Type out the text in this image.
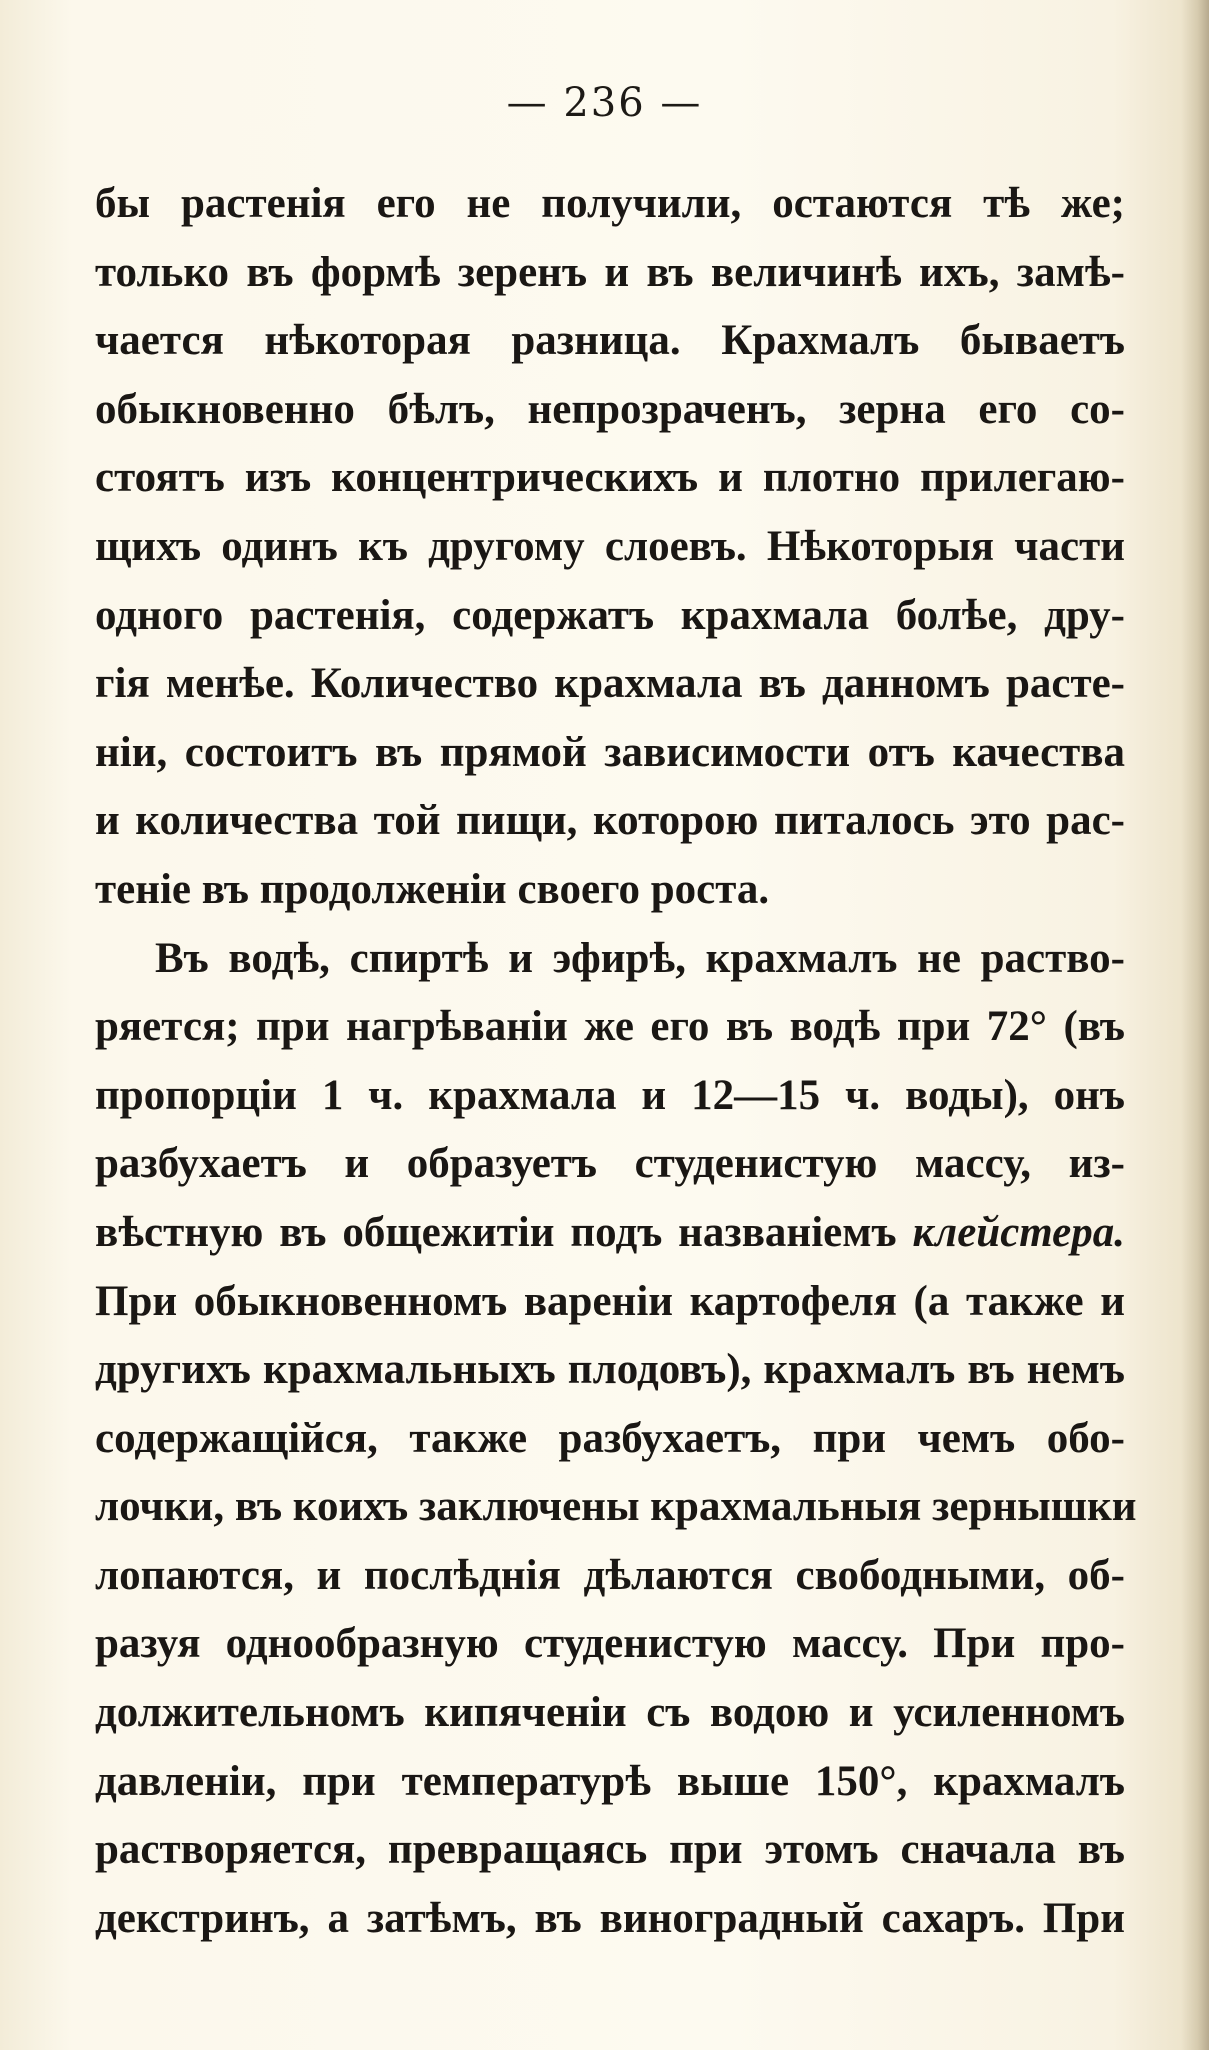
— 236 —
бы растенія его не получили, остаются тѣ же;
только въ формѣ зеренъ и въ величинѣ ихъ, замѣ-
чается нѣкоторая разница. Крахмалъ бываетъ
обыкновенно бѣлъ, непрозраченъ, зерна его со-
стоятъ изъ концентрическихъ и плотно прилегаю-
щихъ одинъ къ другому слоевъ. Нѣкоторыя части
одного растенія, содержатъ крахмала болѣе, дру-
гія менѣе. Количество крахмала въ данномъ расте-
ніи, состоитъ въ прямой зависимости отъ качества
и количества той пищи, которою питалось это рас-
теніе въ продолженіи своего роста.
Въ водѣ, спиртѣ и эфирѣ, крахмалъ не раство-
ряется; при нагрѣваніи же его въ водѣ при 72° (въ
пропорціи 1 ч. крахмала и 12—15 ч. воды), онъ
разбухаетъ и образуетъ студенистую массу, из-
вѣстную въ общежитіи подъ названіемъ клейстера.
При обыкновенномъ вареніи картофеля (а также и
другихъ крахмальныхъ плодовъ), крахмалъ въ немъ
содержащійся, также разбухаетъ, при чемъ обо-
лочки, въ коихъ заключены крахмальныя зернышки
лопаются, и послѣднія дѣлаются свободными, об-
разуя однообразную студенистую массу. При про-
должительномъ кипяченіи съ водою и усиленномъ
давленіи, при температурѣ выше 150°, крахмалъ
растворяется, превращаясь при этомъ сначала въ
декстринъ, а затѣмъ, въ виноградный сахаръ. При
